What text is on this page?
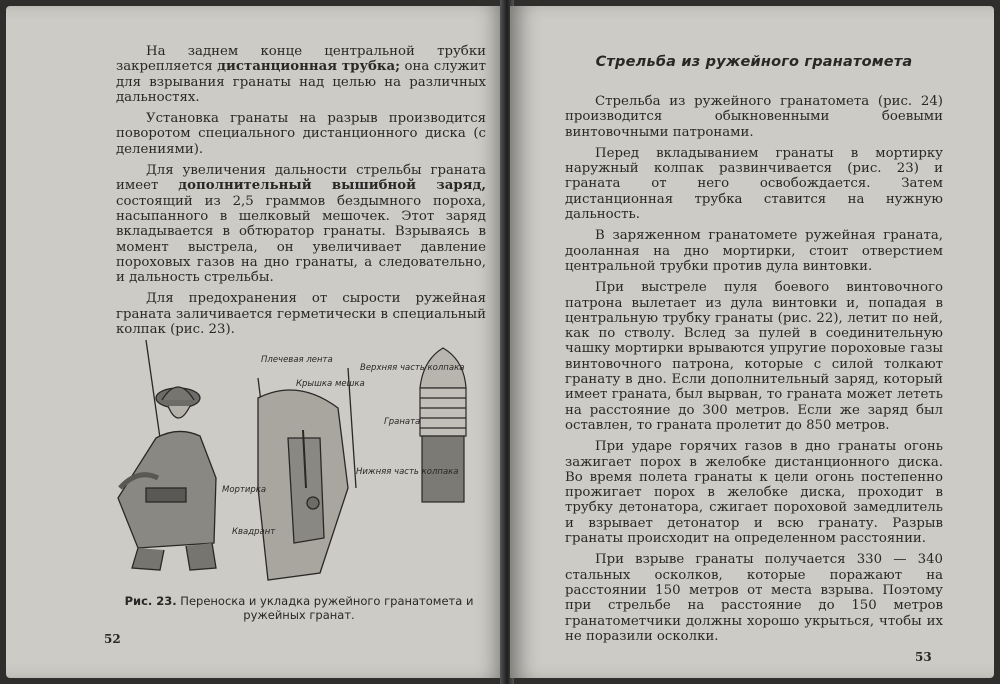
На заднем конце центральной трубки закрепляется дистанционная трубка; она служит для взрывания гранаты над целью на различных дальностях.

Установка гранаты на разрыв производится поворотом специального дистанционного диска (с делениями).

Для увеличения дальности стрельбы граната имеет дополнительный вышибной заряд, состоящий из 2,5 граммов бездымного пороха, насыпанного в шелковый мешочек. Этот заряд вкладывается в обтюратор гранаты. Взрываясь в момент выстрела, он увеличивает давление пороховых газов на дно гранаты, а следовательно, и дальность стрельбы.

Для предохранения от сырости ружейная граната заличивается герметически в специальный колпак (рис. 23).

Плечевая лента
Крышка мешка
Верхняя часть колпака
Граната
Нижняя часть колпака
Мортирка
Квадрант
Рис. 23. Переноска и укладка ружейного гранатомета и ружейных гранат.
52
Стрельба из ружейного гранатомета

Стрельба из ружейного гранатомета (рис. 24) производится обыкновенными боевыми винтовочными патронами.

Перед вкладыванием гранаты в мортирку наружный колпак развинчивается (рис. 23) и граната от него освобождается. Затем дистанционная трубка ставится на нужную дальность.

В заряженном гранатомете ружейная граната, дооланная на дно мортирки, стоит отверстием центральной трубки против дула винтовки.

При выстреле пуля боевого винтовочного патрона вылетает из дула винтовки и, попадая в центральную трубку гранаты (рис. 22), летит по ней, как по стволу. Вслед за пулей в соединительную чашку мортирки врываются упругие пороховые газы винтовочного патрона, которые с силой толкают гранату в дно. Если дополнительный заряд, который имеет граната, был вырван, то граната может лететь на расстояние до 300 метров. Если же заряд был оставлен, то граната пролетит до 850 метров.

При ударе горячих газов в дно гранаты огонь зажигает порох в желобке дистанционного диска. Во время полета гранаты к цели огонь постепенно прожигает порох в желобке диска, проходит в трубку детонатора, сжигает пороховой замедлитель и взрывает детонатор и всю гранату. Разрыв гранаты происходит на определенном расстоянии.

При взрыве гранаты получается 330 — 340 стальных осколков, которые поражают на расстоянии 150 метров от места взрыва. Поэтому при стрельбе на расстояние до 150 метров гранатометчики должны хорошо укрыться, чтобы их не поразили осколки.

53
